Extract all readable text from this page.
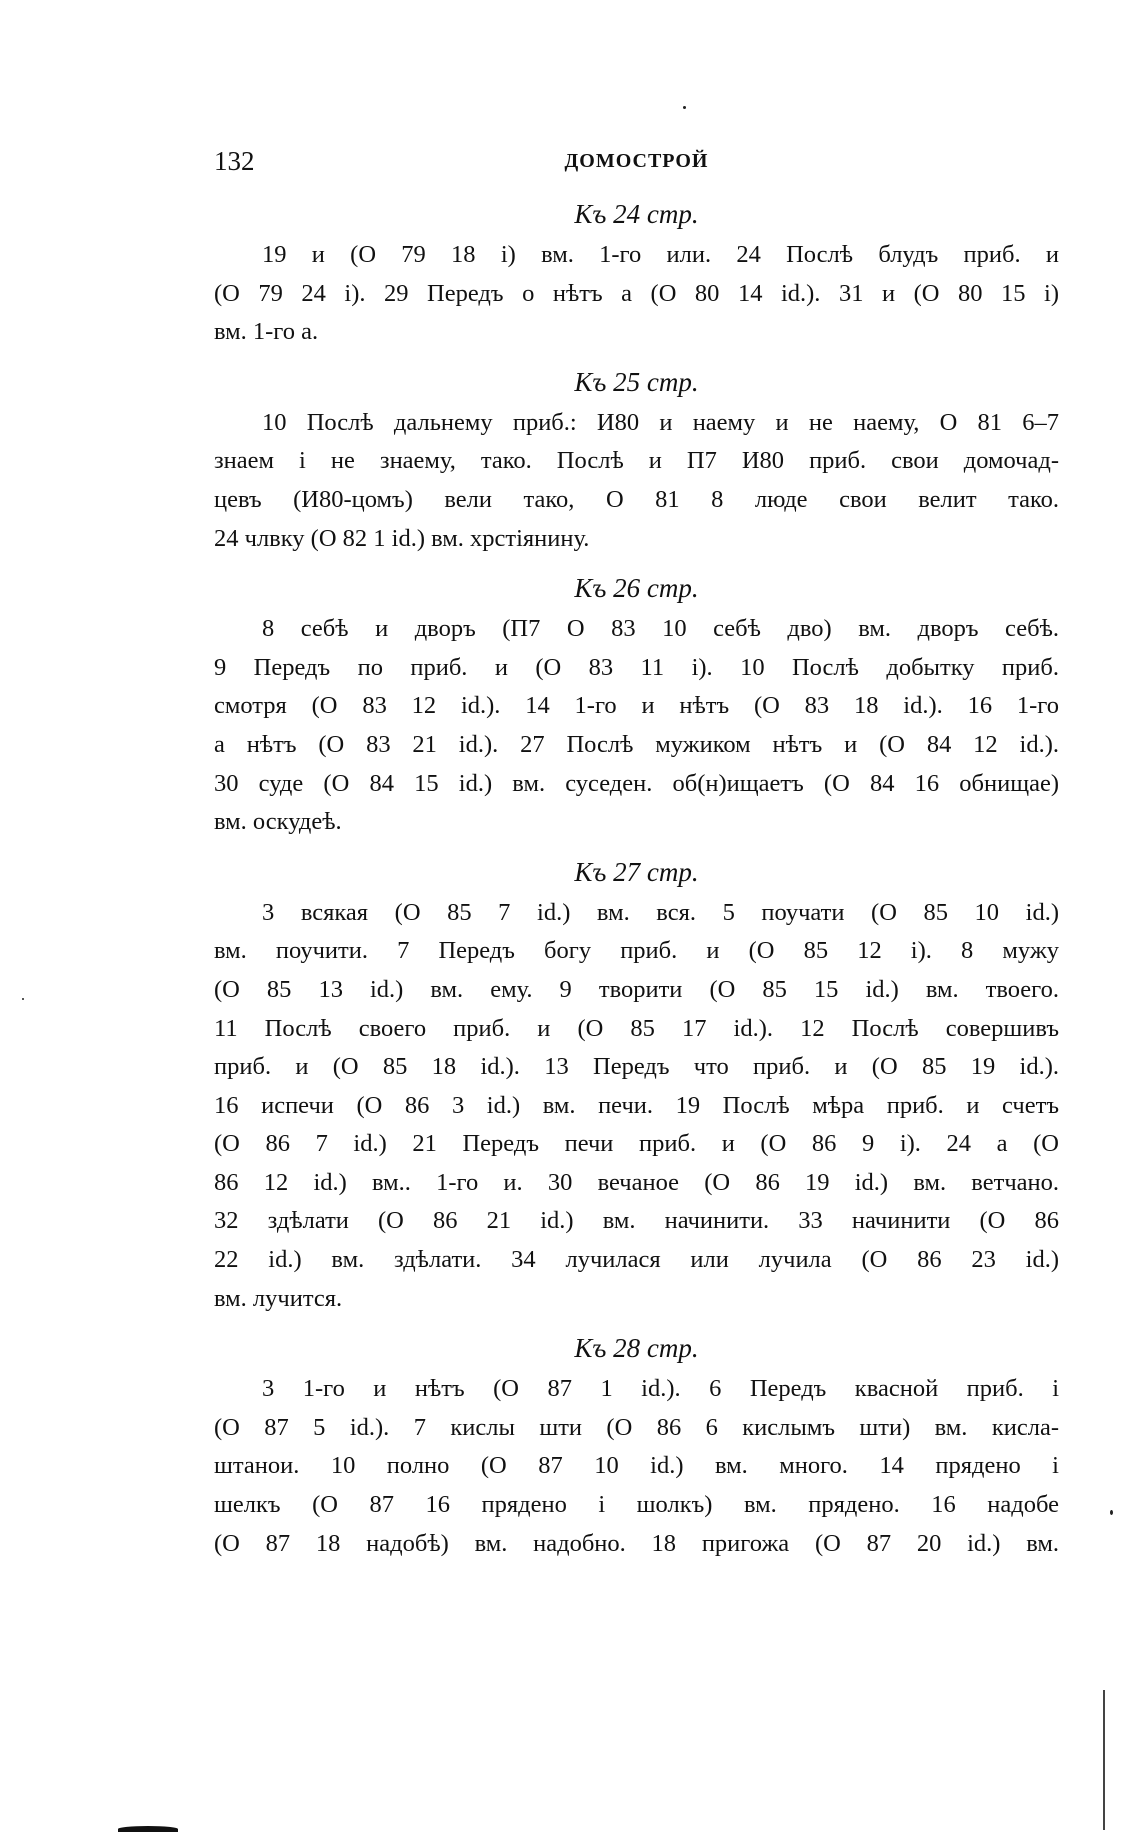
132	ДОМОСТРОЙ
Къ 24 стр.
19 и (О 79 18 і) вм. 1-го или. 24 Послѣ блудъ приб. и
(О 79 24 і). 29 Передъ о нѣтъ а (О 80 14 id.). 31 и (О 80 15 і)
вм. 1-го а.
Къ 25 стр.
10 Послѣ дальнему приб.: И80 и наему и не наему, О 81 6–7
знаем і не знаему, тако. Послѣ и П7 И80 приб. свои домочад-
цевъ (И80-цомъ) вели тако, О 81 8 люде свои велит тако.
24 члвку (О 82 1 id.) вм. хрстіянину.
Къ 26 стр.
8 себѣ и дворъ (П7 О 83 10 себѣ дво) вм. дворъ себѣ.
9 Передъ по приб. и (О 83 11 і). 10 Послѣ добытку приб.
смотря (О 83 12 id.). 14 1-го и нѣтъ (О 83 18 id.). 16 1-го
а нѣтъ (О 83 21 id.). 27 Послѣ мужиком нѣтъ и (О 84 12 id.).
30 суде (О 84 15 id.) вм. суседен. об(н)ищаетъ (О 84 16 обнищае)
вм. оскудеѣ.
Къ 27 стр.
3 всякая (О 85 7 id.) вм. вся. 5 поучати (О 85 10 id.)
вм. поучити. 7 Передъ богу приб. и (О 85 12 і). 8 мужу
(О 85 13 id.) вм. ему. 9 творити (О 85 15 id.) вм. твоего.
11 Послѣ своего приб. и (О 85 17 id.). 12 Послѣ совершивъ
приб. и (О 85 18 id.). 13 Передъ что приб. и (О 85 19 id.).
16 испечи (О 86 3 id.) вм. печи. 19 Послѣ мѣра приб. и счетъ
(О 86 7 id.) 21 Передъ печи приб. и (О 86 9 і). 24 а (О
86 12 id.) вм.. 1-го и. 30 вечаное (О 86 19 id.) вм. ветчано.
32 здѣлати (О 86 21 id.) вм. начинити. 33 начинити (О 86
22 id.) вм. здѣлати. 34 лучилася или лучила (О 86 23 id.)
вм. лучится.
Къ 28 стр.
3 1-го и нѣтъ (О 87 1 id.). 6 Передъ квасной приб. і
(О 87 5 id.). 7 кислы шти (О 86 6 кислымъ шти) вм. кисла-
штанои. 10 полно (О 87 10 id.) вм. много. 14 прядено і
шелкъ (О 87 16 прядено і шолкъ) вм. прядено. 16 надобе
(О 87 18 надобѣ) вм. надобно. 18 пригожа (О 87 20 id.) вм.
